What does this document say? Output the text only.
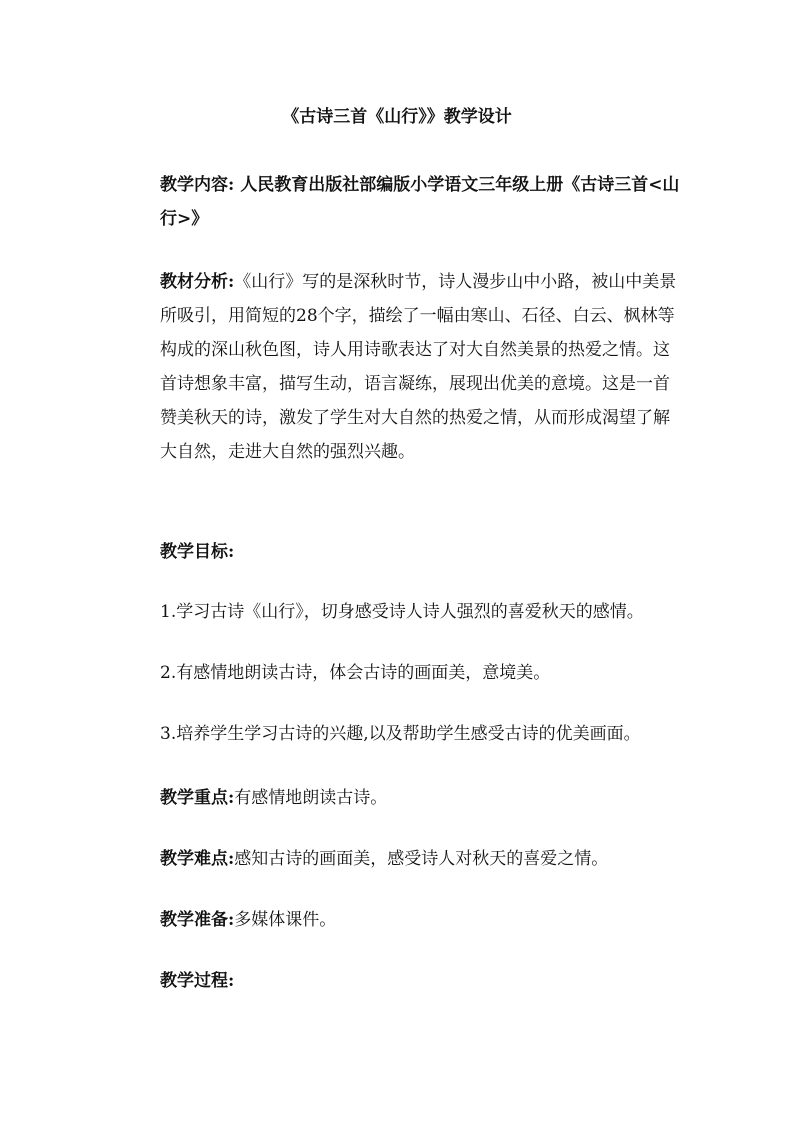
《古诗三首《山行》》教学设计
教学内容: 人民教育出版社部编版小学语文三年级上册《古诗三首<山行>》
教材分析:《山行》写的是深秋时节，诗人漫步山中小路，被山中美景所吸引，用简短的28个字，描绘了一幅由寒山、石径、白云、枫林等构成的深山秋色图，诗人用诗歌表达了对大自然美景的热爱之情。这首诗想象丰富，描写生动，语言凝练，展现出优美的意境。这是一首赞美秋天的诗，激发了学生对大自然的热爱之情，从而形成渴望了解大自然，走进大自然的强烈兴趣。
教学目标:
1.学习古诗《山行》，切身感受诗人诗人强烈的喜爱秋天的感情。
2.有感情地朗读古诗，体会古诗的画面美，意境美。
3.培养学生学习古诗的兴趣,以及帮助学生感受古诗的优美画面。
教学重点:有感情地朗读古诗。
教学难点:感知古诗的画面美，感受诗人对秋天的喜爱之情。
教学准备:多媒体课件。
教学过程:
